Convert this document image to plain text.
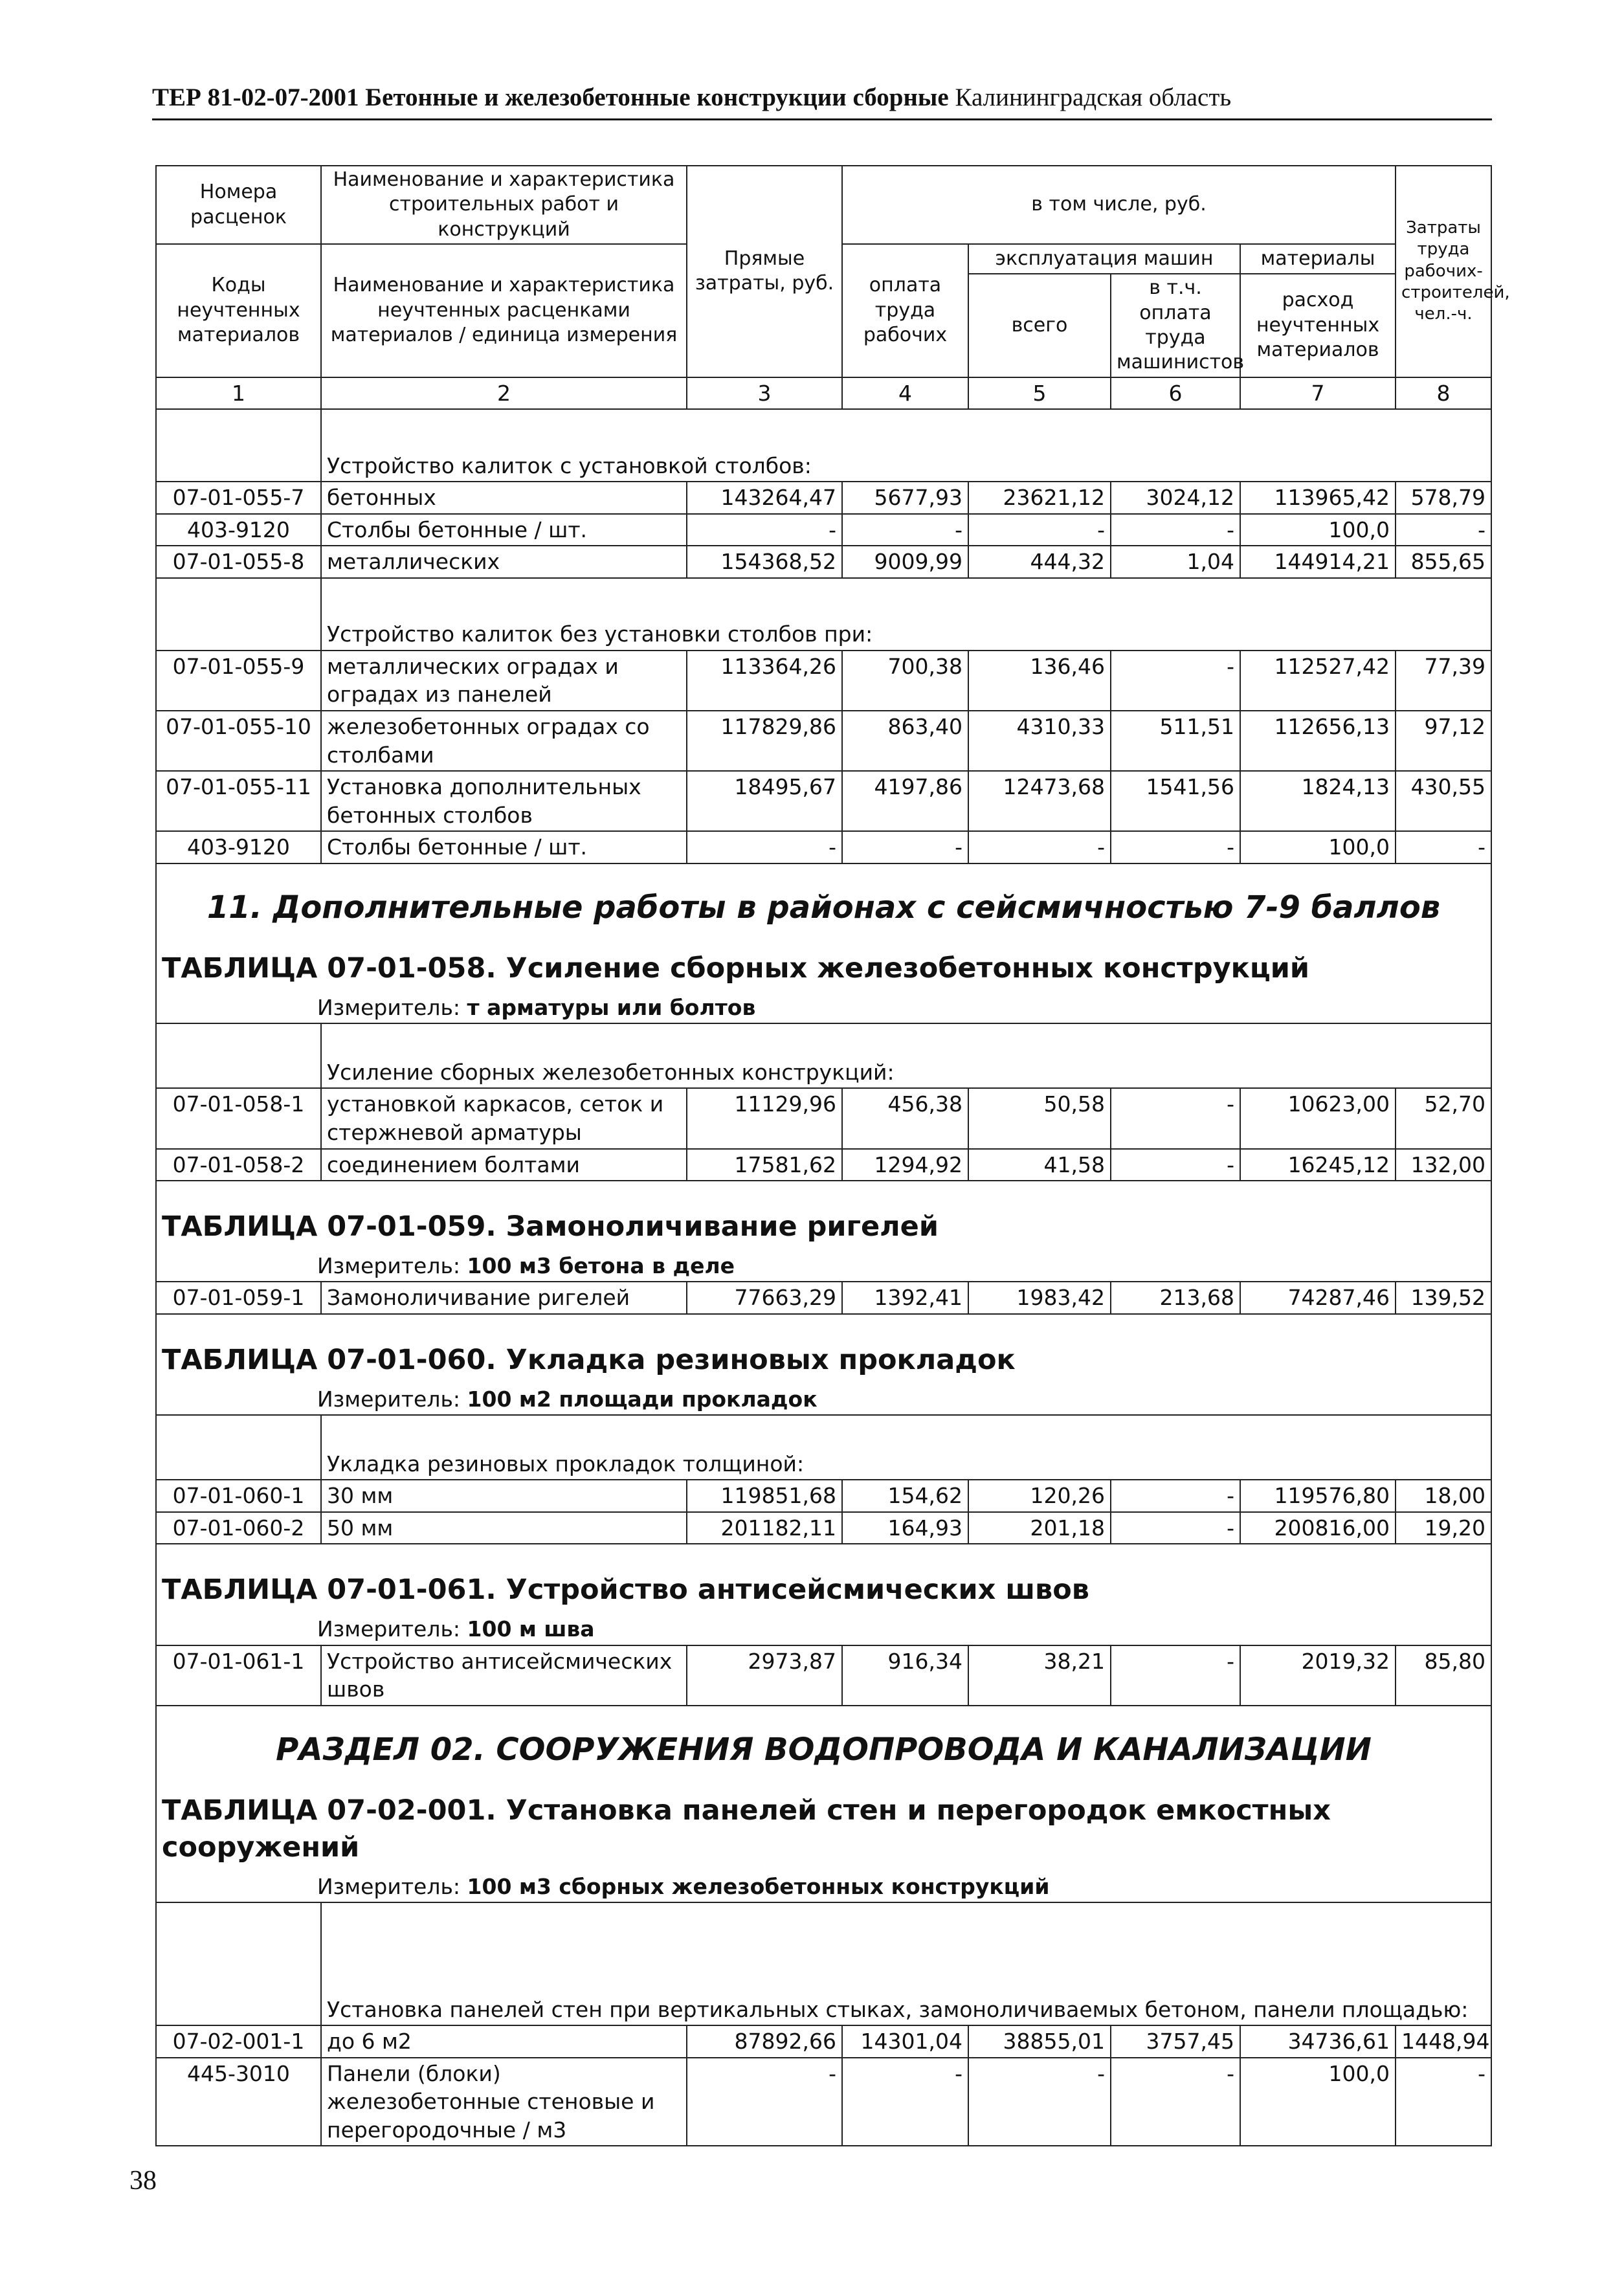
ТЕР 81-02-07-2001 Бетонные и железобетонные конструкции сборные Калининградская область
Номера расценок	Наименование и характеристика строительных работ и конструкций	Прямые затраты, руб.	в том числе, руб.				Затраты труда рабочих-строителей, чел.-ч.
Коды неучтенных материалов	Наименование и характеристика неучтенных расценками материалов / единица измерения		оплата труда рабочих	эксплуатация машин		материалы	
				всего	в т.ч. оплата труда машинистов	расход неучтенных материалов	

1	2	3	4	5	6	7	8
	Устройство калиток с установкой столбов:						
07-01-055-7	бетонных	143264,47	5677,93	23621,12	3024,12	113965,42	578,79
403-9120	Столбы бетонные / шт.	-	-	-	-	100,0	-
07-01-055-8	металлических	154368,52	9009,99	444,32	1,04	144914,21	855,65
	Устройство калиток без установки столбов при:						
07-01-055-9	металлических оградах и оградах из панелей	113364,26	700,38	136,46	-	112527,42	77,39
07-01-055-10	железобетонных оградах со столбами	117829,86	863,40	4310,33	511,51	112656,13	97,12
07-01-055-11	Установка дополнительных бетонных столбов	18495,67	4197,86	12473,68	1541,56	1824,13	430,55
403-9120	Столбы бетонные / шт.	-	-	-	-	100,0	-

11. Дополнительные работы в районах с сейсмичностью 7-9 баллов
ТАБЛИЦА 07-01-058. Усиление сборных железобетонных конструкций
Измеритель: т арматуры или болтов							

	Усиление сборных железобетонных конструкций:						
07-01-058-1	установкой каркасов, сеток и стержневой арматуры	11129,96	456,38	50,58	-	10623,00	52,70
07-01-058-2	соединением болтами	17581,62	1294,92	41,58	-	16245,12	132,00

ТАБЛИЦА 07-01-059. Замоноличивание ригелей
Измеритель: 100 м3 бетона в деле							

07-01-059-1	Замоноличивание ригелей	77663,29	1392,41	1983,42	213,68	74287,46	139,52

ТАБЛИЦА 07-01-060. Укладка резиновых прокладок
Измеритель: 100 м2 площади прокладок							

	Укладка резиновых прокладок толщиной:						
07-01-060-1	30 мм	119851,68	154,62	120,26	-	119576,80	18,00
07-01-060-2	50 мм	201182,11	164,93	201,18	-	200816,00	19,20

ТАБЛИЦА 07-01-061. Устройство антисейсмических швов
Измеритель: 100 м шва							

07-01-061-1	Устройство антисейсмических швов	2973,87	916,34	38,21	-	2019,32	85,80

РАЗДЕЛ 02. СООРУЖЕНИЯ ВОДОПРОВОДА И КАНАЛИЗАЦИИ
ТАБЛИЦА 07-02-001. Установка панелей стен и перегородок емкостных сооружений
Измеритель: 100 м3 сборных железобетонных конструкций							

	Установка панелей стен при вертикальных стыках, замоноличиваемых бетоном, панели площадью:						
07-02-001-1	до 6 м2	87892,66	14301,04	38855,01	3757,45	34736,61	1448,94
445-3010	Панели (блоки) железобетонные стеновые и перегородочные / м3	-	-	-	-	100,0	-
38
